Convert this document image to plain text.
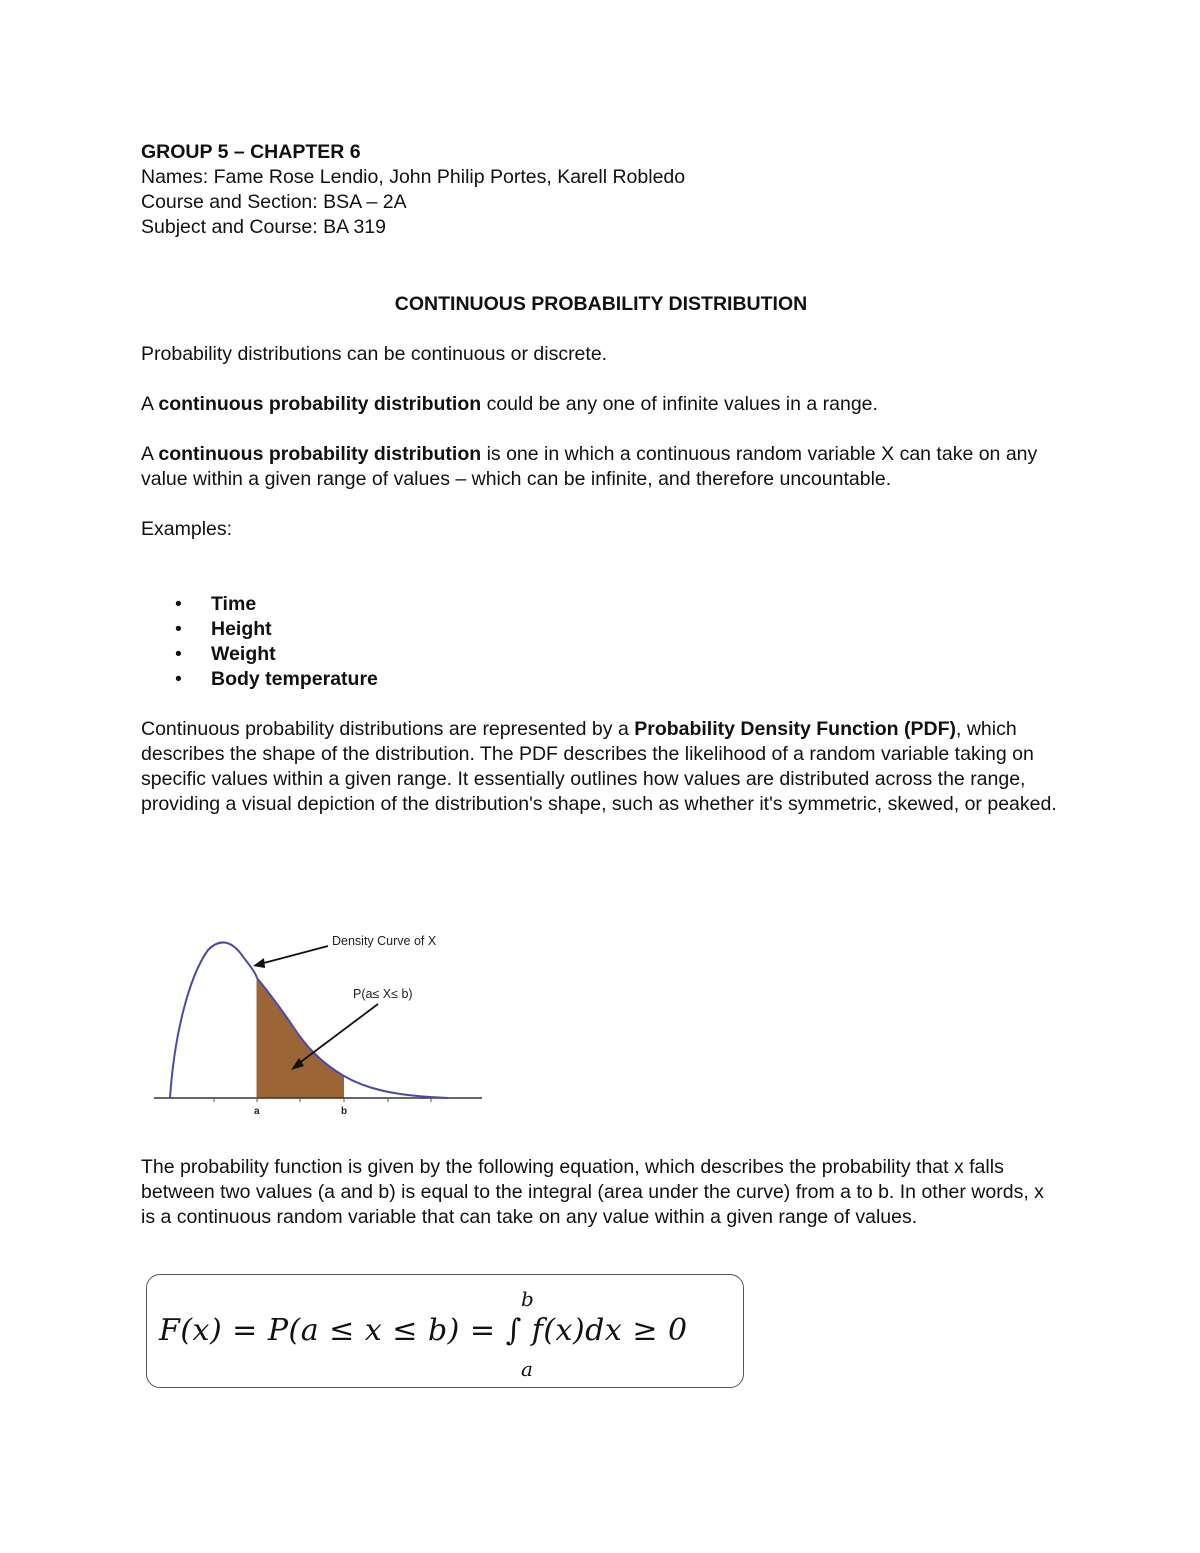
GROUP 5 – CHAPTER 6

Names: Fame Rose Lendio, John Philip Portes, Karell Robledo

Course and Section: BSA – 2A

Subject and Course: BA 319

CONTINUOUS PROBABILITY DISTRIBUTION

Probability distributions can be continuous or discrete.

A continuous probability distribution could be any one of infinite values in a range.

A continuous probability distribution is one in which a continuous random variable X can take on any value within a given range of values – which can be infinite, and therefore uncountable.

Examples:

• Time
• Height
• Weight
• Body temperature

Continuous probability distributions are represented by a Probability Density Function (PDF), which describes the shape of the distribution. The PDF describes the likelihood of a random variable taking on specific values within a given range. It essentially outlines how values are distributed across the range, providing a visual depiction of the distribution's shape, such as whether it's symmetric, skewed, or peaked.

Density Curve of X
P(a≤ X≤ b)
a	b

The probability function is given by the following equation, which describes the probability that x falls between two values (a and b) is equal to the integral (area under the curve) from a to b. In other words, x is a continuous random variable that can take on any value within a given range of values.

b
F(x) = P(a ≤ x ≤ b) = ∫ f(x)dx ≥ 0
a
